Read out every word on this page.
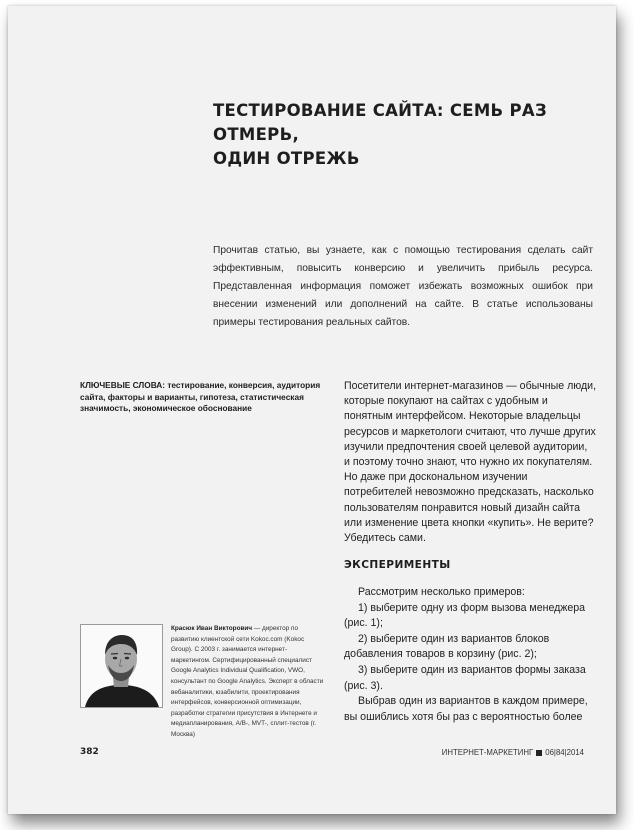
ТЕСТИРОВАНИЕ САЙТА: СЕМЬ РАЗ ОТМЕРЬ,
ОДИН ОТРЕЖЬ

Прочитав статью, вы узнаете, как с помощью тестирования сделать сайт эффективным, повысить конверсию и увеличить прибыль ресурса. Представленная информация поможет избежать возможных ошибок при внесении изменений или дополнений на сайте. В статье использованы примеры тестирования реальных сайтов.

КЛЮЧЕВЫЕ СЛОВА: тестирование, конверсия, аудитория сайта, факторы и варианты, гипотеза, статистическая значимость, экономическое обоснование

Посетители интернет-магазинов — обычные люди, которые покупают на сайтах с удобным и понятным интерфейсом. Некоторые владельцы ресурсов и маркетологи считают, что лучше других изучили предпочтения своей целевой аудитории, и поэтому точно знают, что нужно их покупателям. Но даже при доскональном изучении потребителей невозможно предсказать, насколько пользователям понравится новый дизайн сайта или изменение цвета кнопки «купить». Не верите? Убедитесь сами.

ЭКСПЕРИМЕНТЫ

Рассмотрим несколько примеров:

1) выберите одну из форм вызова менеджера (рис. 1);

2) выберите один из вариантов блоков добавления товаров в корзину (рис. 2);

3) выберите один из вариантов формы заказа (рис. 3).

Выбрав один из вариантов в каждом примере, вы ошиблись хотя бы раз с вероятностью более

Красюк Иван Викторович — директор по развитию клиентской сети Kokoc.com (Kokoc Group). С 2003 г. занимается интернет-маркетингом. Сертифицированный специалист Google Analytics Individual Qualification, VWO, консультант по Google Analytics. Эксперт в области вебаналитики, юзабилити, проектирования интерфейсов, конверсионной оптимизации, разработки стратегии присутствия в Интернете и медиапланирования, А/В-, MVT-, сплит-тестов (г. Москва)

382	ИНТЕРНЕТ-МАРКЕТИНГ 06|84|2014
